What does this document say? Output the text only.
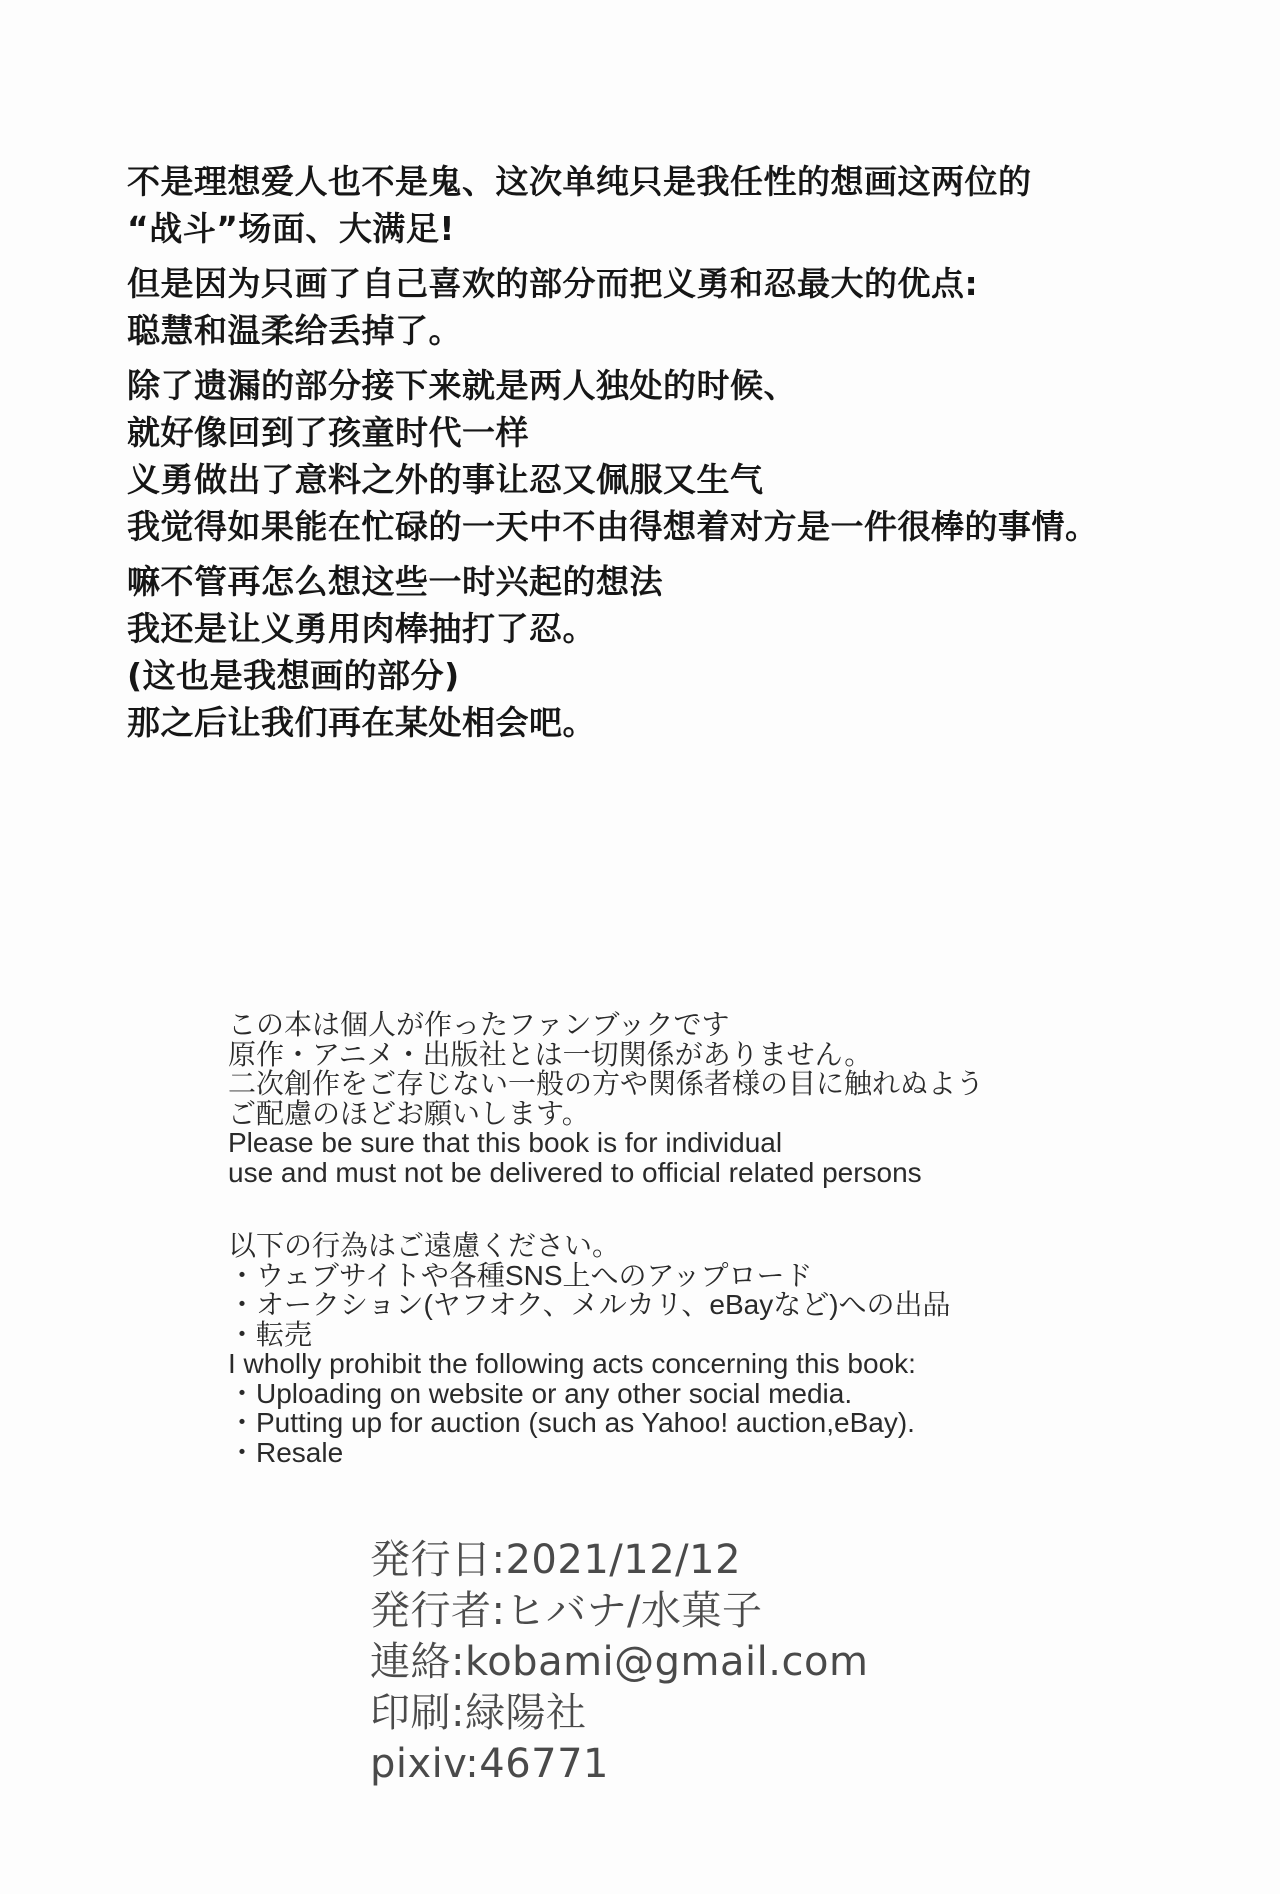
不是理想爱人也不是鬼、这次单纯只是我任性的想画这两位的
“战斗”场面、大满足!
但是因为只画了自己喜欢的部分而把义勇和忍最大的优点:
聪慧和温柔给丢掉了。
除了遗漏的部分接下来就是两人独处的时候、
就好像回到了孩童时代一样
义勇做出了意料之外的事让忍又佩服又生气
我觉得如果能在忙碌的一天中不由得想着对方是一件很棒的事情。
嘛不管再怎么想这些一时兴起的想法
我还是让义勇用肉棒抽打了忍。
(这也是我想画的部分)
那之后让我们再在某处相会吧。
この本は個人が作ったファンブックです
原作・アニメ・出版社とは一切関係がありません。
二次創作をご存じない一般の方や関係者様の目に触れぬよう
ご配慮のほどお願いします。
Please be sure that this book is for individual
use and must not be delivered to official related persons
以下の行為はご遠慮ください。
・ウェブサイトや各種SNS上へのアップロード
・オークション(ヤフオク、メルカリ、eBayなど)への出品
・転売
I wholly prohibit the following acts concerning this book:
・Uploading on website or any other social media.
・Putting up for auction (such as Yahoo! auction,eBay).
・Resale
発行日:2021/12/12
発行者:ヒバナ/水菓子
連絡:kobami@gmail.com
印刷:緑陽社
pixiv:46771
